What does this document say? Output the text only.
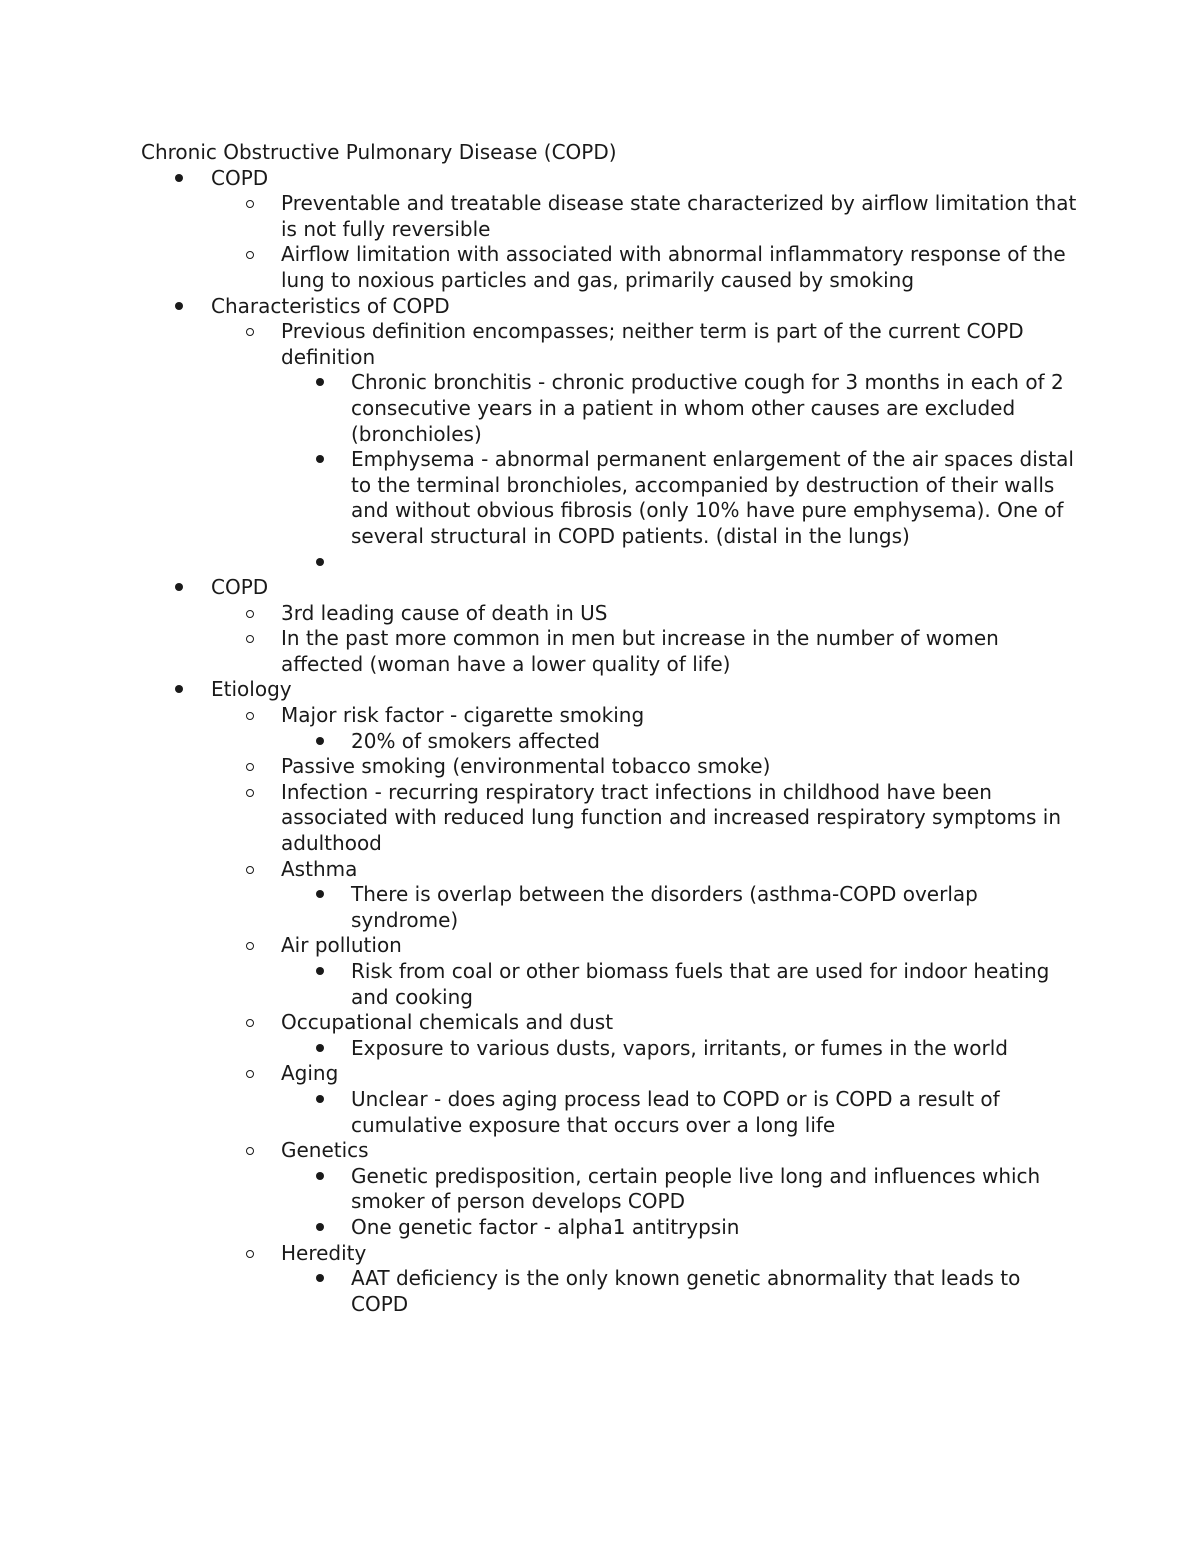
Chronic Obstructive Pulmonary Disease (COPD)

COPD
Preventable and treatable disease state characterized by airflow limitation that is not fully reversible
Airflow limitation with associated with abnormal inflammatory response of the lung to noxious particles and gas, primarily caused by smoking
Characteristics of COPD
Previous definition encompasses; neither term is part of the current COPD definition
Chronic bronchitis - chronic productive cough for 3 months in each of 2 consecutive years in a patient in whom other causes are excluded (bronchioles)
Emphysema - abnormal permanent enlargement of the air spaces distal to the terminal bronchioles, accompanied by destruction of their walls and without obvious fibrosis (only 10% have pure emphysema). One of several structural in COPD patients. (distal in the lungs)
COPD
3rd leading cause of death in US
In the past more common in men but increase in the number of women affected (woman have a lower quality of life)
Etiology
Major risk factor - cigarette smoking
20% of smokers affected
Passive smoking (environmental tobacco smoke)
Infection - recurring respiratory tract infections in childhood have been associated with reduced lung function and increased respiratory symptoms in adulthood
Asthma
There is overlap between the disorders (asthma-COPD overlap syndrome)
Air pollution
Risk from coal or other biomass fuels that are used for indoor heating and cooking
Occupational chemicals and dust
Exposure to various dusts, vapors, irritants, or fumes in the world
Aging
Unclear - does aging process lead to COPD or is COPD a result of cumulative exposure that occurs over a long life
Genetics
Genetic predisposition, certain people live long and influences which smoker of person develops COPD
One genetic factor - alpha1 antitrypsin
Heredity
AAT deficiency is the only known genetic abnormality that leads to COPD
